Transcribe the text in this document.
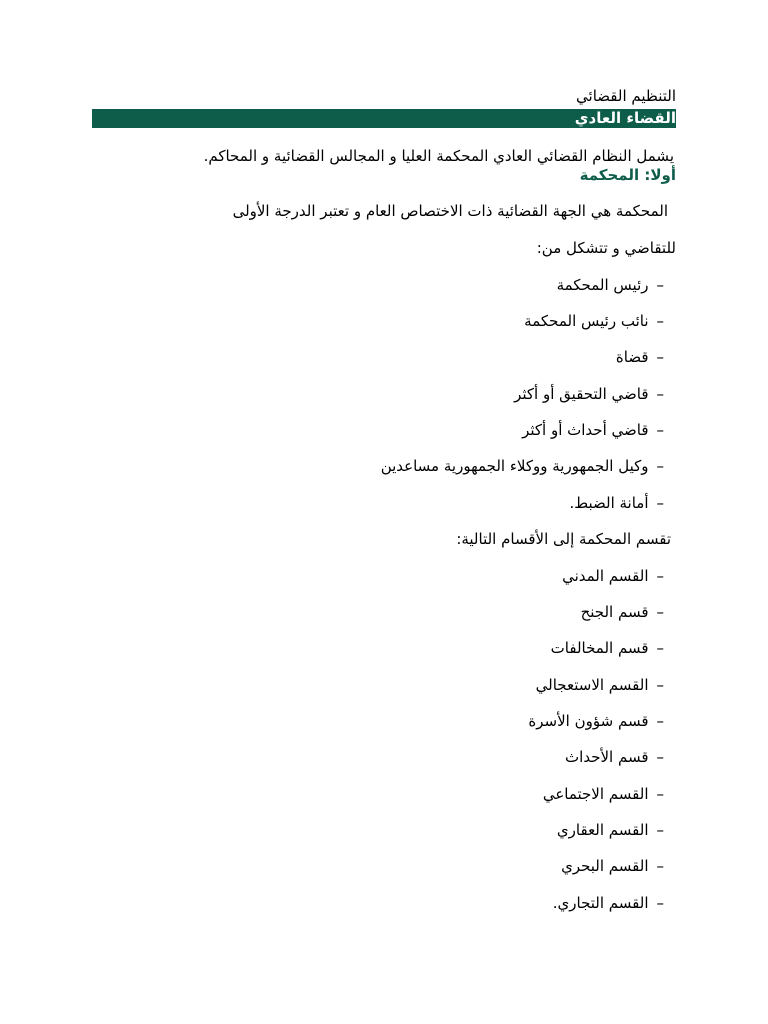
التنظيم القضائي
القضاء العادي
يشمل النظام القضائي العادي المحكمة العليا و المجالس القضائية و المحاكم.
أولا: المحكمة
المحكمة هي الجهة القضائية ذات الاختصاص العام و تعتبر الدرجة الأولى
للتقاضي و تتشكل من:
–رئيس المحكمة
–نائب رئيس المحكمة
–قضاة
–قاضي التحقيق أو أكثر
–قاضي أحداث أو أكثر
–وكيل الجمهورية ووكلاء الجمهورية مساعدين
–أمانة الضبط.
تقسم المحكمة إلى الأقسام التالية:
–القسم المدني
–قسم الجنح
–قسم المخالفات
–القسم الاستعجالي
–قسم شؤون الأسرة
–قسم الأحداث
–القسم الاجتماعي
–القسم العقاري
–القسم البحري
–القسم التجاري.
